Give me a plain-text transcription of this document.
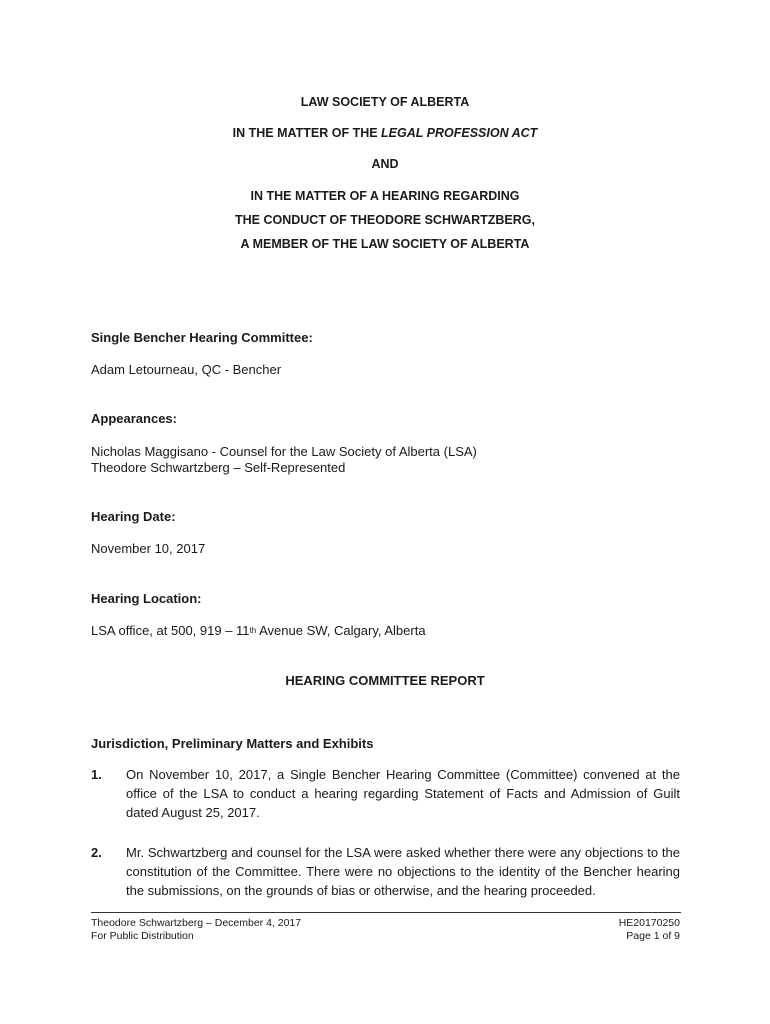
LAW SOCIETY OF ALBERTA
IN THE MATTER OF THE LEGAL PROFESSION ACT
AND
IN THE MATTER OF A HEARING REGARDING
THE CONDUCT OF THEODORE SCHWARTZBERG,
A MEMBER OF THE LAW SOCIETY OF ALBERTA
Single Bencher Hearing Committee:
Adam Letourneau, QC - Bencher
Appearances:
Nicholas Maggisano - Counsel for the Law Society of Alberta (LSA)
Theodore Schwartzberg – Self-Represented
Hearing Date:
November 10, 2017
Hearing Location:
LSA office, at 500, 919 – 11th Avenue SW, Calgary, Alberta
HEARING COMMITTEE REPORT
Jurisdiction, Preliminary Matters and Exhibits
1. On November 10, 2017, a Single Bencher Hearing Committee (Committee) convened at the office of the LSA to conduct a hearing regarding Statement of Facts and Admission of Guilt dated August 25, 2017.
2. Mr. Schwartzberg and counsel for the LSA were asked whether there were any objections to the constitution of the Committee. There were no objections to the identity of the Bencher hearing the submissions, on the grounds of bias or otherwise, and the hearing proceeded.
Theodore Schwartzberg – December 4, 2017
For Public Distribution
HE20170250
Page 1 of 9
